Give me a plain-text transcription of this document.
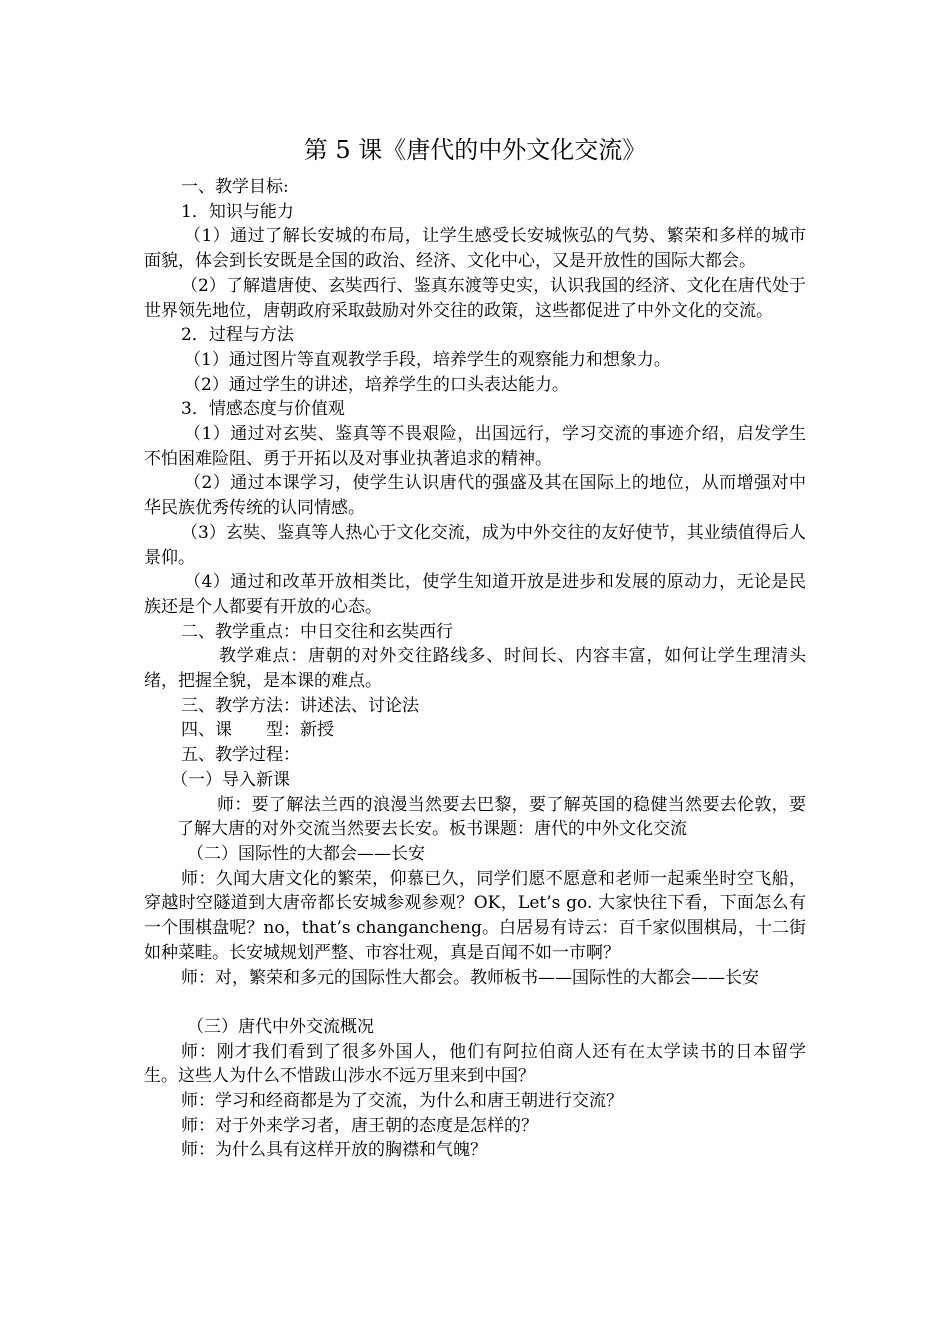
第 5 课《唐代的中外文化交流》

一、教学目标:

1．知识与能力

（1）通过了解长安城的布局，让学生感受长安城恢弘的气势、繁荣和多样的城市面貌，体会到长安既是全国的政治、经济、文化中心，又是开放性的国际大都会。

（2）了解遣唐使、玄奘西行、鉴真东渡等史实，认识我国的经济、文化在唐代处于世界领先地位，唐朝政府采取鼓励对外交往的政策，这些都促进了中外文化的交流。

2．过程与方法

（1）通过图片等直观教学手段，培养学生的观察能力和想象力。

（2）通过学生的讲述，培养学生的口头表达能力。

3．情感态度与价值观

（1）通过对玄奘、鉴真等不畏艰险，出国远行，学习交流的事迹介绍，启发学生不怕困难险阻、勇于开拓以及对事业执著追求的精神。

（2）通过本课学习，使学生认识唐代的强盛及其在国际上的地位，从而增强对中华民族优秀传统的认同情感。

（3）玄奘、鉴真等人热心于文化交流，成为中外交往的友好使节，其业绩值得后人景仰。

（4）通过和改革开放相类比，使学生知道开放是进步和发展的原动力，无论是民族还是个人都要有开放的心态。

二、教学重点：中日交往和玄奘西行

教学难点：唐朝的对外交往路线多、时间长、内容丰富，如何让学生理清头绪，把握全貌，是本课的难点。

三、教学方法：讲述法、讨论法

四、课　　型：新授

五、教学过程：

（一）导入新课

师：要了解法兰西的浪漫当然要去巴黎，要了解英国的稳健当然要去伦敦，要了解大唐的对外交流当然要去长安。板书课题：唐代的中外文化交流

（二）国际性的大都会——长安

师：久闻大唐文化的繁荣，仰慕已久，同学们愿不愿意和老师一起乘坐时空飞船，穿越时空隧道到大唐帝都长安城参观参观？OK，Let’s go. 大家快往下看，下面怎么有一个围棋盘呢？no，that’s changancheng。白居易有诗云：百千家似围棋局，十二街如种菜畦。长安城规划严整、市容壮观，真是百闻不如一市啊？

师：对，繁荣和多元的国际性大都会。教师板书——国际性的大都会——长安

（三）唐代中外交流概况

师：刚才我们看到了很多外国人，他们有阿拉伯商人还有在太学读书的日本留学生。这些人为什么不惜跋山涉水不远万里来到中国？

师：学习和经商都是为了交流，为什么和唐王朝进行交流？

师：对于外来学习者，唐王朝的态度是怎样的？

师：为什么具有这样开放的胸襟和气魄？
